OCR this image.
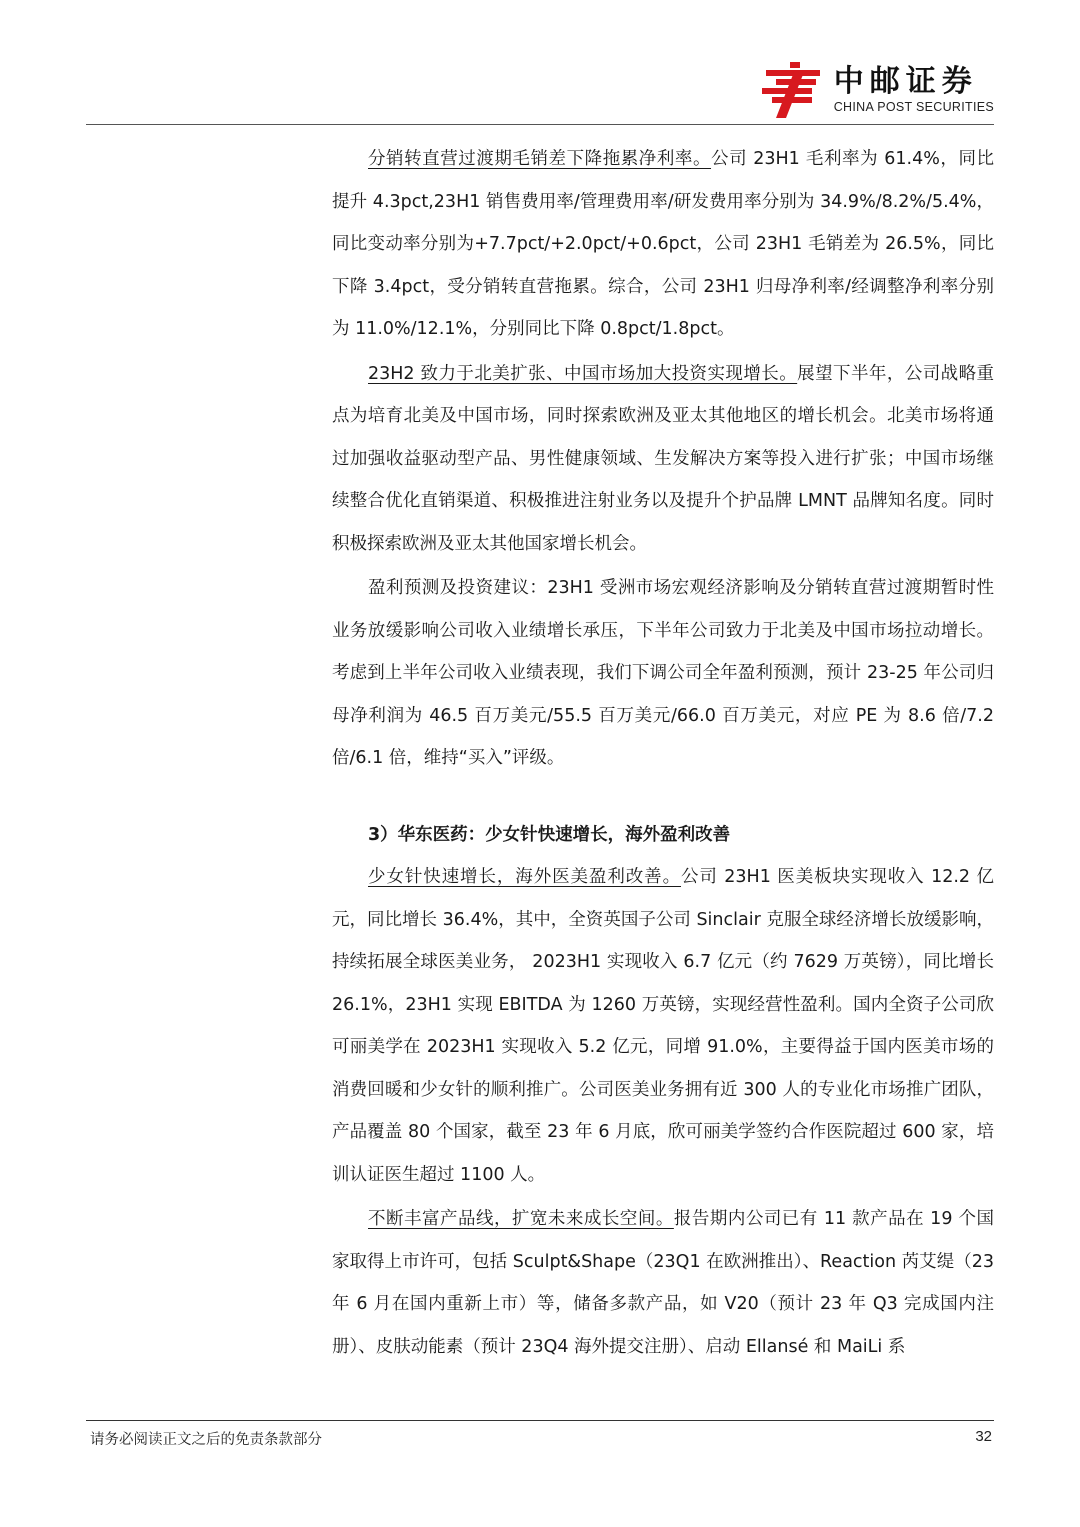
中邮证券
CHINA POST SECURITIES

分销转直营过渡期毛销差下降拖累净利率。公司 23H1 毛利率为 61.4%，同比提升 4.3pct,23H1 销售费用率/管理费用率/研发费用率分别为 34.9%/8.2%/5.4%，同比变动率分别为+7.7pct/+2.0pct/+0.6pct，公司 23H1 毛销差为 26.5%，同比下降 3.4pct，受分销转直营拖累。综合，公司 23H1 归母净利率/经调整净利率分别为 11.0%/12.1%，分别同比下降 0.8pct/1.8pct。

23H2 致力于北美扩张、中国市场加大投资实现增长。展望下半年，公司战略重点为培育北美及中国市场，同时探索欧洲及亚太其他地区的增长机会。北美市场将通过加强收益驱动型产品、男性健康领域、生发解决方案等投入进行扩张；中国市场继续整合优化直销渠道、积极推进注射业务以及提升个护品牌 LMNT 品牌知名度。同时积极探索欧洲及亚太其他国家增长机会。

盈利预测及投资建议：23H1 受洲市场宏观经济影响及分销转直营过渡期暂时性业务放缓影响公司收入业绩增长承压，下半年公司致力于北美及中国市场拉动增长。考虑到上半年公司收入业绩表现，我们下调公司全年盈利预测，预计 23-25 年公司归母净利润为 46.5 百万美元/55.5 百万美元/66.0 百万美元，对应 PE 为 8.6 倍/7.2 倍/6.1 倍，维持“买入”评级。

3）华东医药：少女针快速增长，海外盈利改善

少女针快速增长，海外医美盈利改善。公司 23H1 医美板块实现收入 12.2 亿元，同比增长 36.4%，其中，全资英国子公司 Sinclair 克服全球经济增长放缓影响，持续拓展全球医美业务， 2023H1 实现收入 6.7 亿元（约 7629 万英镑），同比增长 26.1%，23H1 实现 EBITDA 为 1260 万英镑，实现经营性盈利。国内全资子公司欣可丽美学在 2023H1 实现收入 5.2 亿元，同增 91.0%，主要得益于国内医美市场的消费回暖和少女针的顺利推广。公司医美业务拥有近 300 人的专业化市场推广团队，产品覆盖 80 个国家，截至 23 年 6 月底，欣可丽美学签约合作医院超过 600 家，培训认证医生超过 1100 人。

不断丰富产品线，扩宽未来成长空间。报告期内公司已有 11 款产品在 19 个国家取得上市许可，包括 Sculpt&Shape（23Q1 在欧洲推出）、Reaction 芮艾缇（23 年 6 月在国内重新上市）等，储备多款产品，如 V20（预计 23 年 Q3 完成国内注册）、皮肤动能素（预计 23Q4 海外提交注册）、启动 Ellansé 和 MaiLi 系

请务必阅读正文之后的免责条款部分	32
